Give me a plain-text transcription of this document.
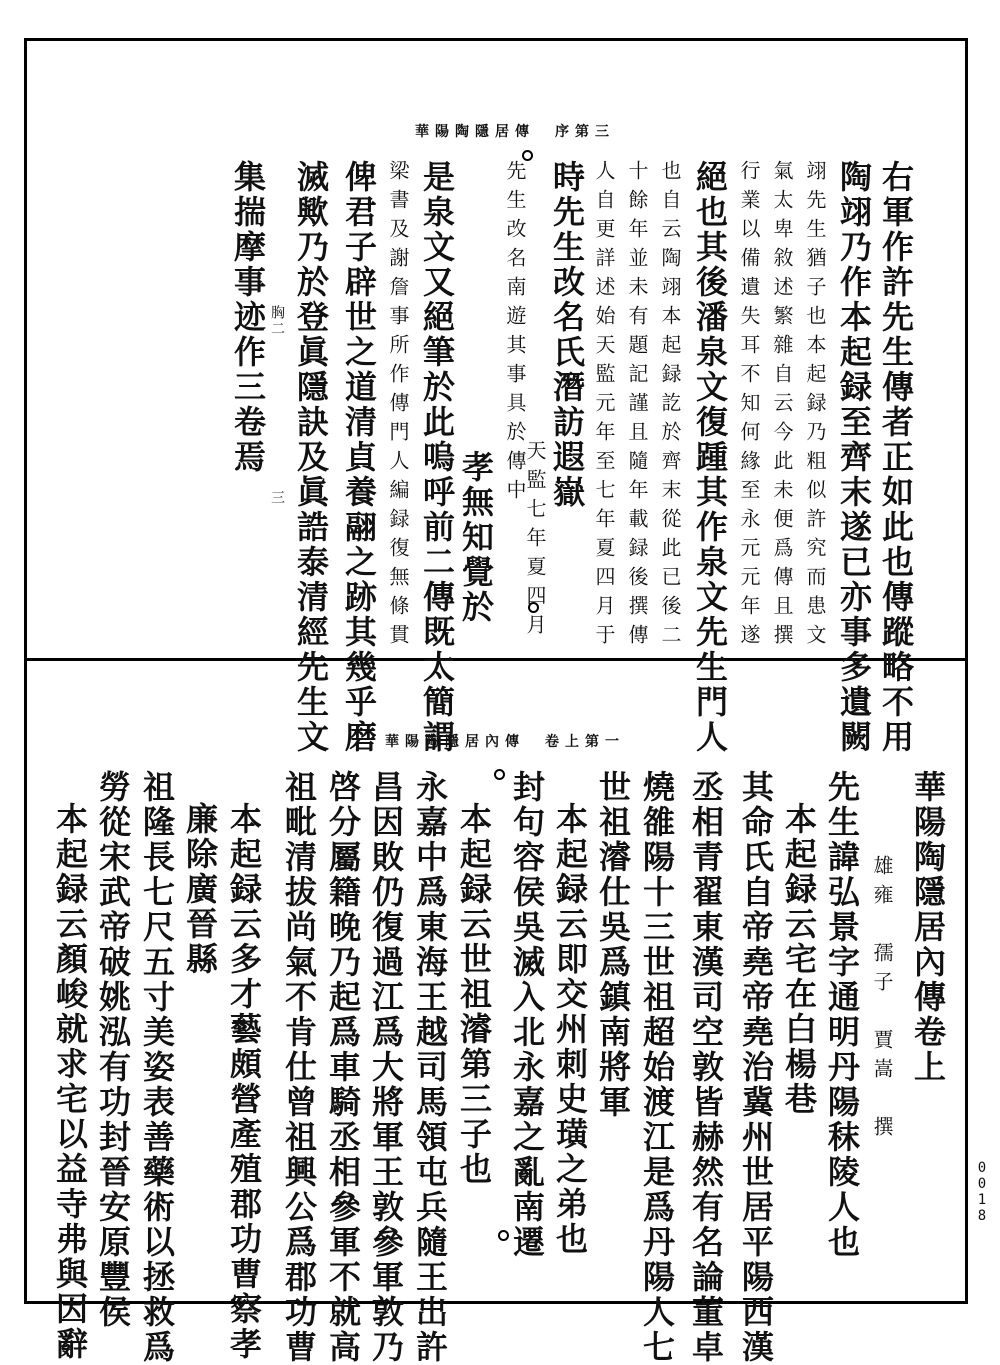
華陽陶隱居傳　序第三
右軍作許先生傳者正如此也傳蹤略不用
陶翊乃作本起録至齊末遂已亦事多遺闕
翊先生猶子也本起録乃粗似許究而患文
氣太卑敘述繁雜自云今此未便爲傳且撰
行業以備遺失耳不知何緣至永元元年遂
絕也其後潘泉文復踵其作泉文先生門人
也自云陶翊本起録訖於齊末從此已後二
十餘年並未有題記謹且隨年載録後撰傳
人自更詳述始天監元年至七年夏四月于
時先生改名氏潛訪遐嶽
天監七年夏四月
先生改名南遊其事具於傳中
孝無知覺於
是泉文又絕筆於此嗚呼前二傳既太簡謂
梁書及謝詹事所作傳門人編録復無條貫
俾君子辟世之道清貞養翮之跡其幾乎磨
滅歟乃於登眞隱訣及眞誥泰清經先生文
胸二
三
集揣摩事迹作三卷焉
華陽陶隱居內傳　卷上第一
華陽陶隱居內傳卷上
雄雍　孺子　賈嵩　撰
先生諱弘景字通明丹陽秣陵人也
本起録云宅在白楊巷
其命氏自帝堯帝堯治冀州世居平陽西漢
丞相青翟東漢司空敦皆赫然有名論董卓
燒雒陽十三世祖超始渡江是爲丹陽人七
世祖濬仕吳爲鎮南將軍
本起録云即交州刺史璜之弟也
封句容侯吳滅入北永嘉之亂南遷
本起録云世祖濬第三子也
永嘉中爲東海王越司馬領屯兵隨王出許
昌因敗仍復過江爲大將軍王敦參軍敦乃
啓分屬籍晚乃起爲車騎丞相參軍不就高
祖毗清拔尚氣不肯仕曾祖興公爲郡功曹
本起録云多才藝頗營產殖郡功曹察孝
廉除廣晉縣
祖隆長七尺五寸美姿表善藥術以拯救爲
勞從宋武帝破姚泓有功封晉安原豐侯
本起録云顏峻就求宅以益寺弗與因辭	0018
